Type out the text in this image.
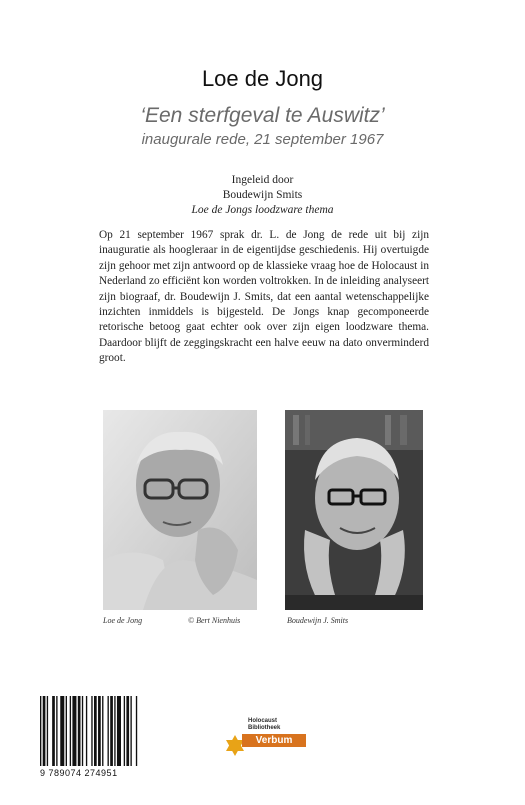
Loe de Jong
‘Een sterfgeval te Auswitz’
inaugurale rede, 21 september 1967
Ingeleid door
Boudewijn Smits
Loe de Jongs loodzware thema
Op 21 september 1967 sprak dr. L. de Jong de rede uit bij zijn inauguratie als hoogleraar in de eigentijdse geschiedenis. Hij overtuigde zijn gehoor met zijn antwoord op de klassieke vraag hoe de Holocaust in Nederland zo efficiënt kon worden voltrokken. In de inleiding analyseert zijn biograaf, dr. Boudewijn J. Smits, dat een aantal wetenschappelijke inzichten inmiddels is bijgesteld. De Jongs knap gecomponeerde retorische betoog gaat echter ook over zijn eigen loodzware thema. Daardoor blijft de zeggingskracht een halve eeuw na dato onverminderd groot.
Loe de Jong	© Bert Nienhuis	Boudewijn J. Smits
9 789074 274951
Holocaust Bibliotheek
Verbum
